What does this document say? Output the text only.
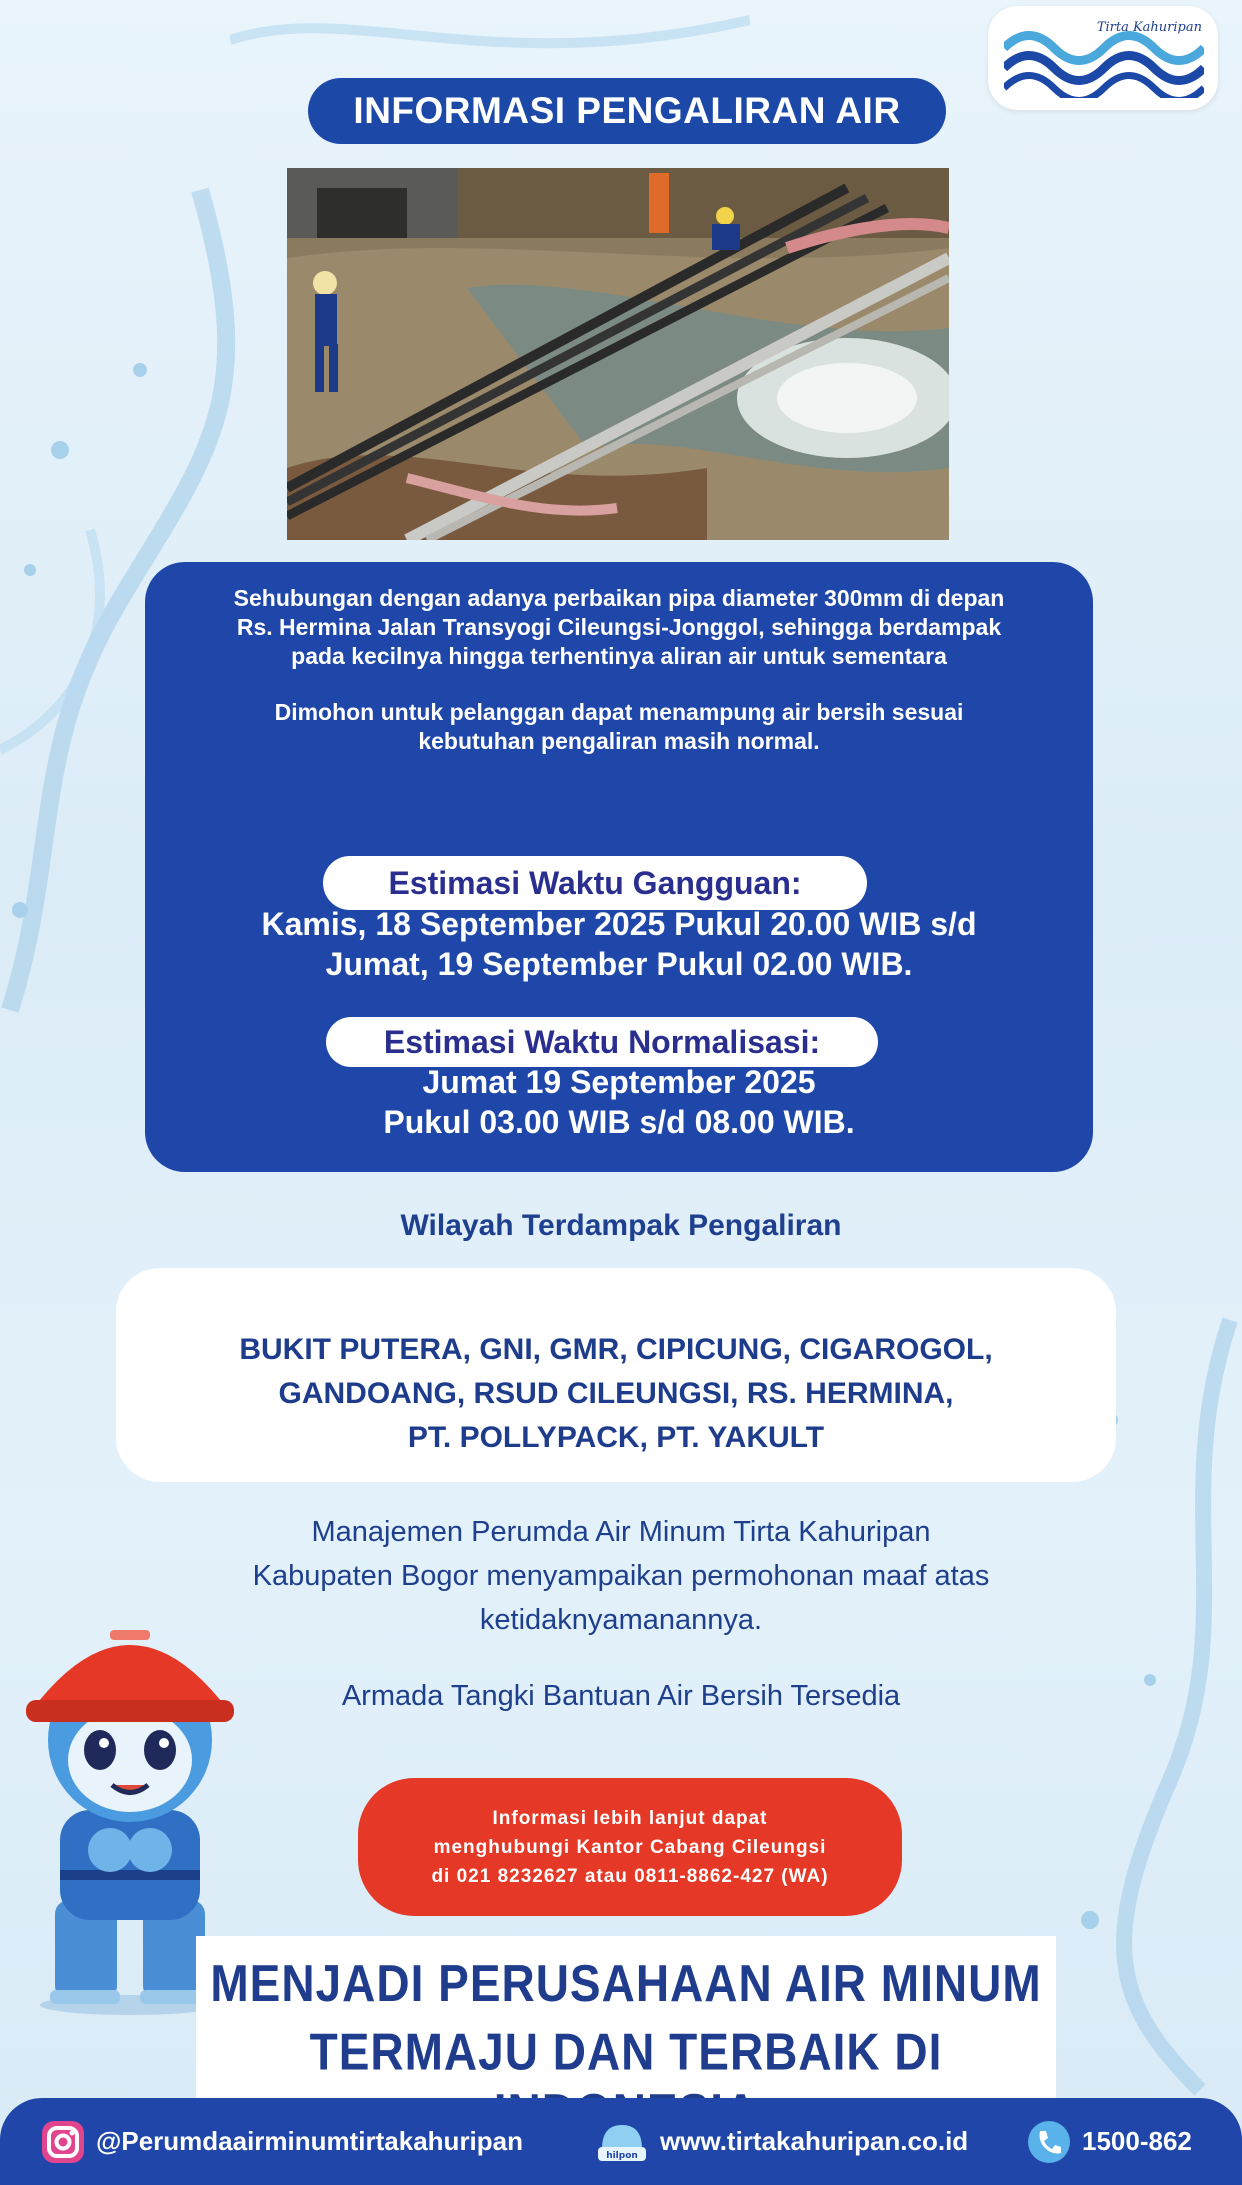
Tirta Kahuripan
INFORMASI PENGALIRAN AIR
Sehubungan dengan adanya perbaikan pipa diameter 300mm di depan
Rs. Hermina Jalan Transyogi Cileungsi-Jonggol, sehingga berdampak
pada kecilnya hingga terhentinya aliran air untuk sementara
Dimohon untuk pelanggan dapat menampung air bersih sesuai
kebutuhan pengaliran masih normal.
Estimasi Waktu Gangguan:
Kamis, 18 September 2025 Pukul 20.00 WIB s/d
Jumat, 19 September Pukul 02.00 WIB.
Estimasi Waktu Normalisasi:
Jumat 19 September 2025
Pukul 03.00 WIB s/d 08.00 WIB.
Wilayah Terdampak Pengaliran
BUKIT PUTERA, GNI, GMR, CIPICUNG, CIGAROGOL,
GANDOANG, RSUD CILEUNGSI, RS. HERMINA,
PT. POLLYPACK, PT. YAKULT
Manajemen Perumda Air Minum Tirta Kahuripan
Kabupaten Bogor menyampaikan permohonan maaf atas
ketidaknyamanannya.
Armada Tangki Bantuan Air Bersih Tersedia
Informasi lebih lanjut dapat
menghubungi Kantor Cabang Cileungsi
di 021 8232627 atau 0811-8862-427 (WA)
MENJADI PERUSAHAAN AIR MINUM
TERMAJU DAN TERBAIK DI
@Perumdaairminumtirtakahuripan	hilpon www.tirtakahuripan.co.id	1500-862
